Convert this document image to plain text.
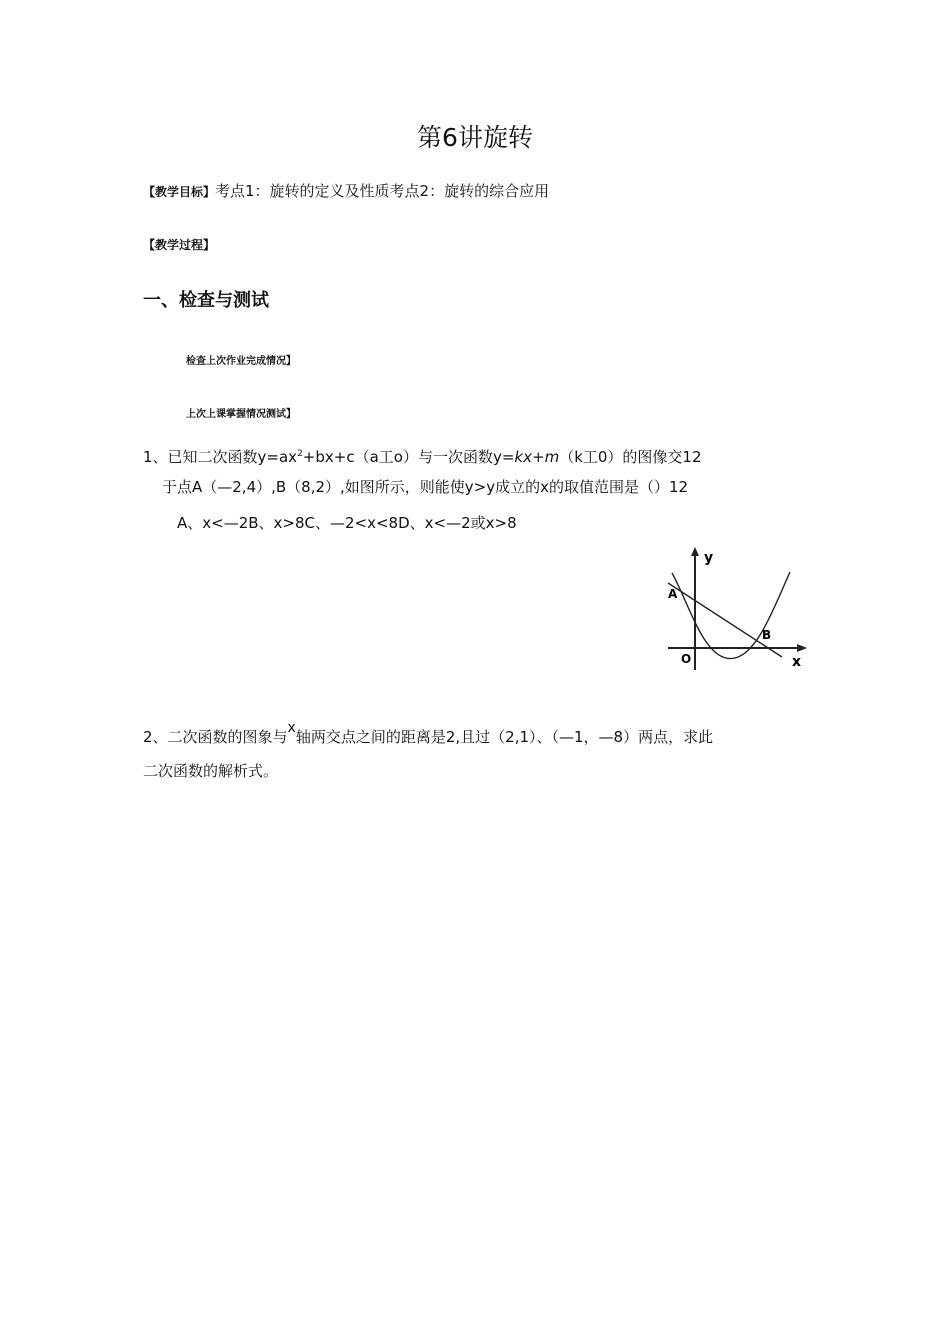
第6讲旋转
【教学目标】考点1：旋转的定义及性质考点2：旋转的综合应用
【教学过程】
一、检查与测试
检查上次作业完成情况】
上次上课掌握情况测试】
1、已知二次函数$y=ax^2+bx+c(a$工o）与一次函数y=kx+m（k工0）的图像交12
于点A（—2,4）,B（8,2）,如图所示，则能使y>y成立的x的取值范围是（）12
A、x<—2B、x>8C、—2<x<8D、x<—2或x>8
y
x
O
A
B
2、二次函数的图象与x轴两交点之间的距离是2,且过（2,1）、（—1，—8）两点，求此
二次函数的解析式。
